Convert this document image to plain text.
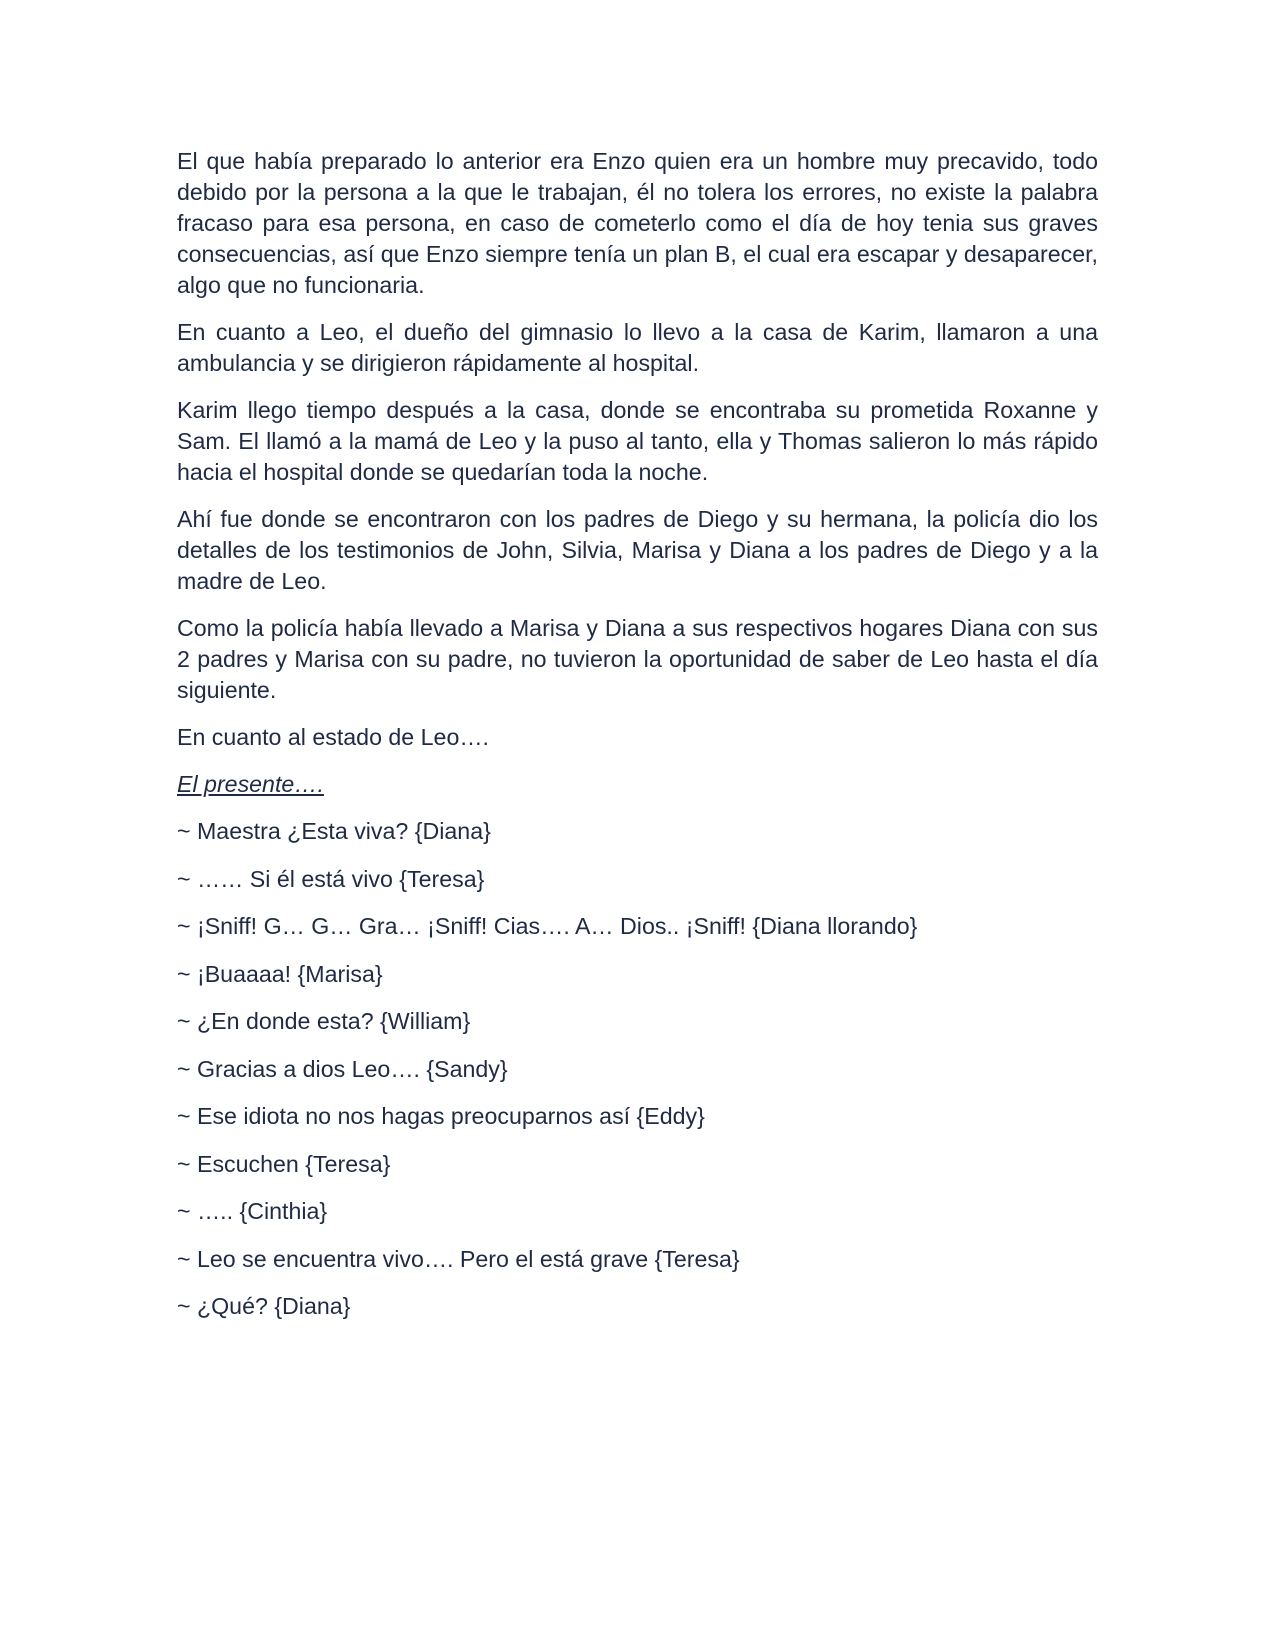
El que había preparado lo anterior era Enzo quien era un hombre muy precavido, todo debido por la persona a la que le trabajan, él no tolera los errores, no existe la palabra fracaso para esa persona, en caso de cometerlo como el día de hoy tenia sus graves consecuencias, así que Enzo siempre tenía un plan B, el cual era escapar y desaparecer, algo que no funcionaria.

En cuanto a Leo, el dueño del gimnasio lo llevo a la casa de Karim, llamaron a una ambulancia y se dirigieron rápidamente al hospital.

Karim llego tiempo después a la casa, donde se encontraba su prometida Roxanne y Sam. El llamó a la mamá de Leo y la puso al tanto, ella y Thomas salieron lo más rápido hacia el hospital donde se quedarían toda la noche.

Ahí fue donde se encontraron con los padres de Diego y su hermana, la policía dio los detalles de los testimonios de John, Silvia, Marisa y Diana a los padres de Diego y a la madre de Leo.

Como la policía había llevado a Marisa y Diana a sus respectivos hogares Diana con sus 2 padres y Marisa con su padre, no tuvieron la oportunidad de saber de Leo hasta el día siguiente.

En cuanto al estado de Leo….

El presente….

~ Maestra ¿Esta viva? {Diana}

~ …… Si él está vivo {Teresa}

~ ¡Sniff! G… G… Gra… ¡Sniff! Cias…. A… Dios.. ¡Sniff! {Diana llorando}

~ ¡Buaaaa! {Marisa}

~ ¿En donde esta? {William}

~ Gracias a dios Leo…. {Sandy}

~ Ese idiota no nos hagas preocuparnos así {Eddy}

~ Escuchen {Teresa}

~ ….. {Cinthia}

~ Leo se encuentra vivo…. Pero el está grave {Teresa}

~ ¿Qué? {Diana}
